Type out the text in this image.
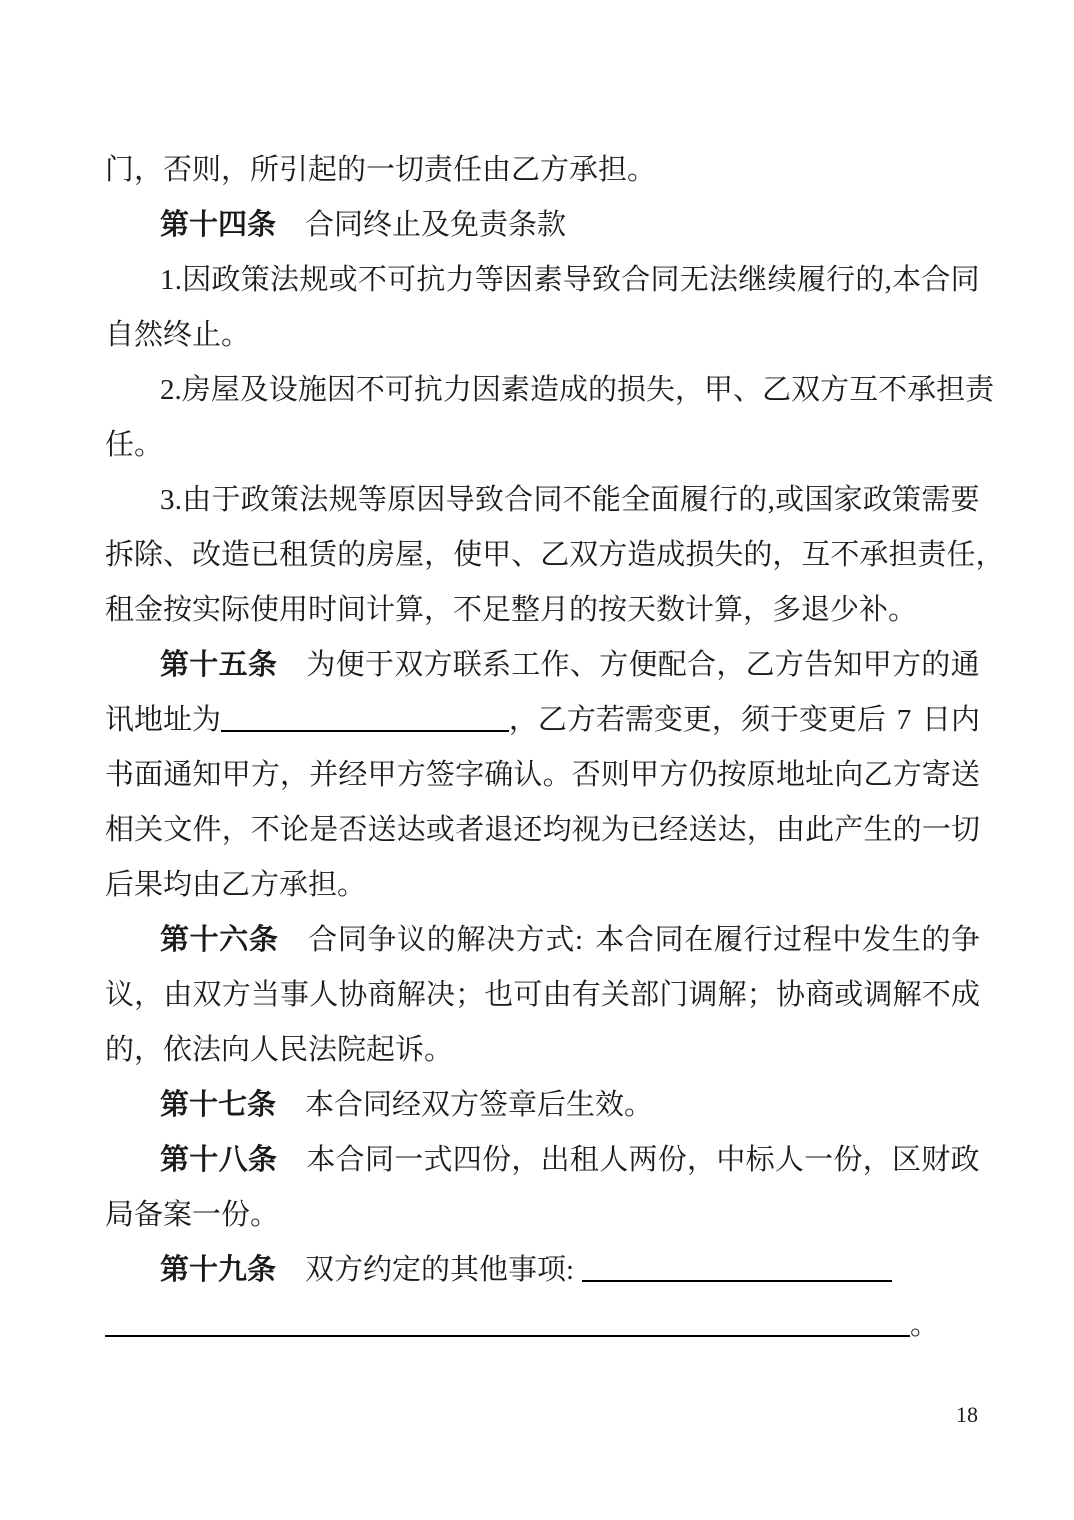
门，否则，所引起的一切责任由乙方承担。
第十四条 合同终止及免责条款
1 . 因 政 策 法 规 或 不 可 抗 力 等 因 素 导 致 合 同 无 法 继 续 履 行 的 , 本 合 同
自然终止。
2 . 房 屋 及 设 施 因 不 可 抗 力 因 素 造 成 的 损 失 ， 甲 、 乙 双 方 互 不 承 担 责
任。
3 . 由 于 政 策 法 规 等 原 因 导 致 合 同 不 能 全 面 履 行 的 , 或 国 家 政 策 需 要
拆 除 、 改 造 已 租 赁 的 房 屋 ， 使 甲 、 乙 双 方 造 成 损 失 的 ， 互 不 承 担 责 任 ，
租金按实际使用时间计算，不足整月的按天数计算，多退少补。
第 十 五 条 为 便 于 双 方 联 系 工 作 、 方 便 配 合 ， 乙 方 告 知 甲 方 的 通
讯 地 址 为	， 乙 方 若 需 变 更 ， 须 于 变 更 后 7 日 内
书 面 通 知 甲 方 ， 并 经 甲 方 签 字 确 认 。 否 则 甲 方 仍 按 原 地 址 向 乙 方 寄 送
相 关 文 件 ， 不 论 是 否 送 达 或 者 退 还 均 视 为 已 经 送 达 ， 由 此 产 生 的 一 切
后果均由乙方承担。
第 十 六 条 合 同 争 议 的 解 决 方 式 : 本 合 同 在 履 行 过 程 中 发 生 的 争
议 ， 由 双 方 当 事 人 协 商 解 决 ； 也 可 由 有 关 部 门 调 解 ； 协 商 或 调 解 不 成
的，依法向人民法院起诉。
第十七条 本合同经双方签章后生效。
第 十 八 条 本 合 同 一 式 四 份 ， 出 租 人 两 份 ， 中 标 人 一 份 ， 区 财 政
局备案一份。
第十九条 双方约定的其他事项:
。
18
